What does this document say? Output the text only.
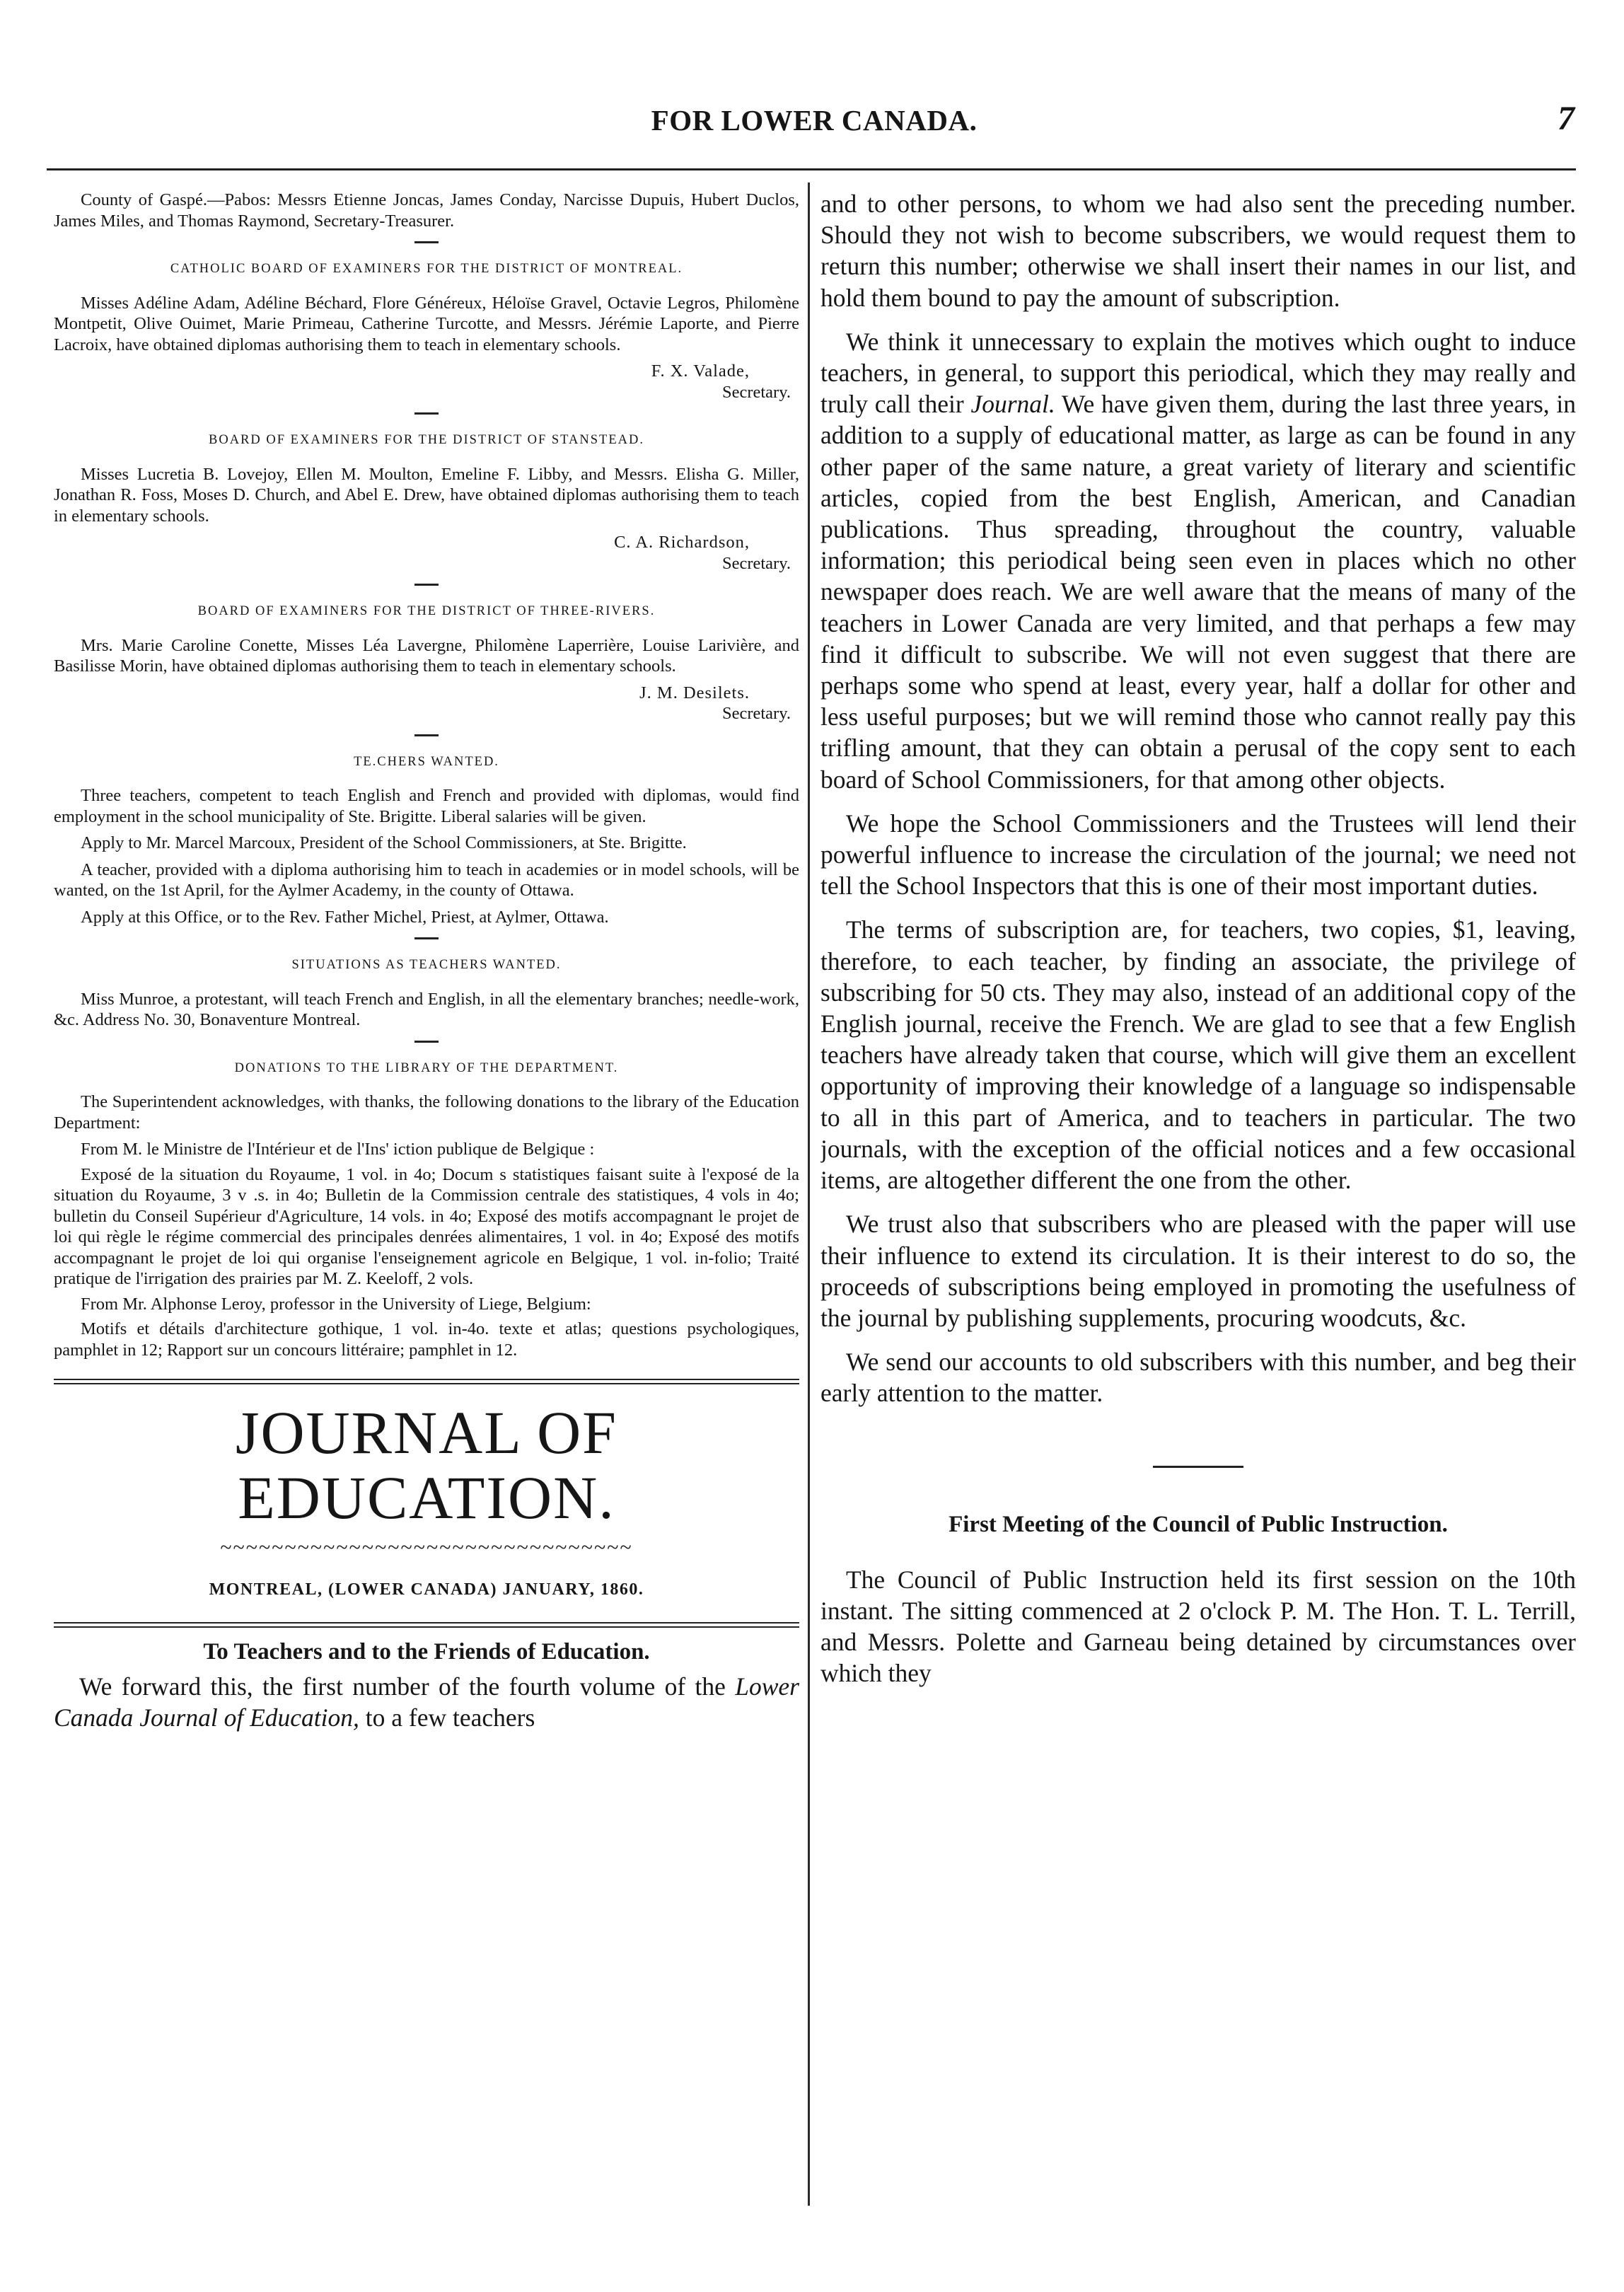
FOR LOWER CANADA.	7

County of Gaspé.—Pabos: Messrs Etienne Joncas, James Conday, Narcisse Dupuis, Hubert Duclos, James Miles, and Thomas Raymond, Secretary-Treasurer.

CATHOLIC BOARD OF EXAMINERS FOR THE DISTRICT OF MONTREAL.

Misses Adéline Adam, Adéline Béchard, Flore Généreux, Héloïse Gravel, Octavie Legros, Philomène Montpetit, Olive Ouimet, Marie Primeau, Catherine Turcotte, and Messrs. Jérémie Laporte, and Pierre Lacroix, have obtained diplomas authorising them to teach in elementary schools.

F. X. Valade,
Secretary.
BOARD OF EXAMINERS FOR THE DISTRICT OF STANSTEAD.

Misses Lucretia B. Lovejoy, Ellen M. Moulton, Emeline F. Libby, and Messrs. Elisha G. Miller, Jonathan R. Foss, Moses D. Church, and Abel E. Drew, have obtained diplomas authorising them to teach in elementary schools.

C. A. Richardson,
Secretary.
BOARD OF EXAMINERS FOR THE DISTRICT OF THREE-RIVERS.

Mrs. Marie Caroline Conette, Misses Léa Lavergne, Philomène Laperrière, Louise Larivière, and Basilisse Morin, have obtained diplomas authorising them to teach in elementary schools.

J. M. Desilets.
Secretary.
TE.CHERS WANTED.

Three teachers, competent to teach English and French and provided with diplomas, would find employment in the school municipality of Ste. Brigitte. Liberal salaries will be given.

Apply to Mr. Marcel Marcoux, President of the School Commissioners, at Ste. Brigitte.

A teacher, provided with a diploma authorising him to teach in academies or in model schools, will be wanted, on the 1st April, for the Aylmer Academy, in the county of Ottawa.

Apply at this Office, or to the Rev. Father Michel, Priest, at Aylmer, Ottawa.

SITUATIONS AS TEACHERS WANTED.

Miss Munroe, a protestant, will teach French and English, in all the elementary branches; needle-work, &c. Address No. 30, Bonaventure Montreal.

DONATIONS TO THE LIBRARY OF THE DEPARTMENT.

The Superintendent acknowledges, with thanks, the following donations to the library of the Education Department:

From M. le Ministre de l'Intérieur et de l'Ins' iction publique de Belgique :

Exposé de la situation du Royaume, 1 vol. in 4o; Docum s statistiques faisant suite à l'exposé de la situation du Royaume, 3 v .s. in 4o; Bulletin de la Commission centrale des statistiques, 4 vols in 4o; bulletin du Conseil Supérieur d'Agriculture, 14 vols. in 4o; Exposé des motifs accompagnant le projet de loi qui règle le régime commercial des principales denrées alimentaires, 1 vol. in 4o; Exposé des motifs accompagnant le projet de loi qui organise l'enseignement agricole en Belgique, 1 vol. in-folio; Traité pratique de l'irrigation des prairies par M. Z. Keeloff, 2 vols.

From Mr. Alphonse Leroy, professor in the University of Liege, Belgium:

Motifs et détails d'architecture gothique, 1 vol. in-4o. texte et atlas; questions psychologiques, pamphlet in 12; Rapport sur un concours littéraire; pamphlet in 12.

JOURNAL OF EDUCATION.
~~~~~~~~~~~~~~~~~~~~~~~~~~~~~~~~
MONTREAL, (LOWER CANADA) JANUARY, 1860.
To Teachers and to the Friends of Education.

We forward this, the first number of the fourth volume of the Lower Canada Journal of Education, to a few teachers

and to other persons, to whom we had also sent the preceding number. Should they not wish to become subscribers, we would request them to return this number; otherwise we shall insert their names in our list, and hold them bound to pay the amount of subscription.

We think it unnecessary to explain the motives which ought to induce teachers, in general, to support this periodical, which they may really and truly call their Journal. We have given them, during the last three years, in addition to a supply of educational matter, as large as can be found in any other paper of the same nature, a great variety of literary and scientific articles, copied from the best English, American, and Canadian publications. Thus spreading, throughout the country, valuable information; this periodical being seen even in places which no other newspaper does reach. We are well aware that the means of many of the teachers in Lower Canada are very limited, and that perhaps a few may find it difficult to subscribe. We will not even suggest that there are perhaps some who spend at least, every year, half a dollar for other and less useful purposes; but we will remind those who cannot really pay this trifling amount, that they can obtain a perusal of the copy sent to each board of School Commissioners, for that among other objects.

We hope the School Commissioners and the Trustees will lend their powerful influence to increase the circulation of the journal; we need not tell the School Inspectors that this is one of their most important duties.

The terms of subscription are, for teachers, two copies, $1, leaving, therefore, to each teacher, by finding an associate, the privilege of subscribing for 50 cts. They may also, instead of an additional copy of the English journal, receive the French. We are glad to see that a few English teachers have already taken that course, which will give them an excellent opportunity of improving their knowledge of a language so indispensable to all in this part of America, and to teachers in particular. The two journals, with the exception of the official notices and a few occasional items, are altogether different the one from the other.

We trust also that subscribers who are pleased with the paper will use their influence to extend its circulation. It is their interest to do so, the proceeds of subscriptions being employed in promoting the usefulness of the journal by publishing supplements, procuring woodcuts, &c.

We send our accounts to old subscribers with this number, and beg their early attention to the matter.

First Meeting of the Council of Public Instruction.

The Council of Public Instruction held its first session on the 10th instant. The sitting commenced at 2 o'clock P. M. The Hon. T. L. Terrill, and Messrs. Polette and Garneau being detained by circumstances over which they
